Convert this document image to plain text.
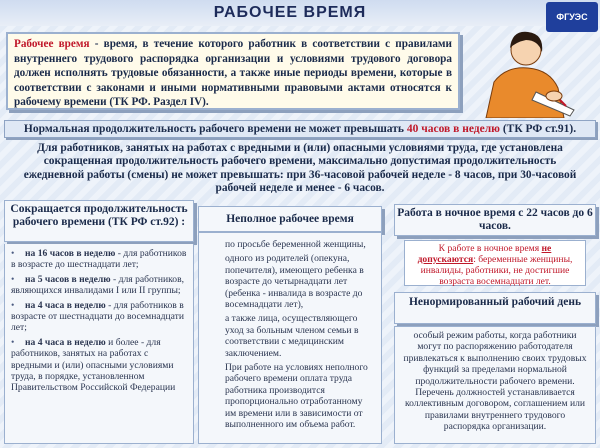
РАБОЧЕЕ ВРЕМЯ	ФГУЭС
Рабочее время - время, в течение которого работник в соответствии с правилами внутреннего трудового распорядка организации и условиями трудового договора должен исполнять трудовые обязанности, а также иные периоды времени, которые в соответствии с законами и иными нормативными правовыми актами относятся к рабочему времени (ТК РФ. Раздел IV).
Нормальная продолжительность рабочего времени не может превышать 40 часов в неделю (ТК РФ ст.91).
Для работников, занятых на работах с вредными и (или) опасными условиями труда, где установлена сокращенная продолжительность рабочего времени, максимально допустимая продолжительность ежедневной работы (смены) не может превышать: при 36-часовой рабочей неделе - 8 часов, при 30-часовой рабочей неделе и менее - 6 часов.
Сокращается продолжительность рабочего времени (ТК РФ ст.92) :
• на 16 часов в неделю - для работников в возрасте до шестнадцати лет;
• на 5 часов в неделю - для работников, являющихся инвалидами I или II группы;
• на 4 часа в неделю - для работников в возрасте от шестнадцати до восемнадцати лет;
• на 4 часа в неделю и более - для работников, занятых на работах с вредными и (или) опасными условиями труда, в порядке, установленном Правительством Российской Федерации
Неполное рабочее время
по просьбе беременной женщины,
одного из родителей (опекуна, попечителя), имеющего ребенка в возрасте до четырнадцати лет (ребенка - инвалида в возрасте до восемнадцати лет),
а также лица, осуществляющего уход за больным членом семьи в соответствии с медицинским заключением.
При работе на условиях неполного рабочего времени оплата труда работника производится пропорционально отработанному им времени или в зависимости от выполненного им объема работ.
Работа в ночное время с 22 часов до 6 часов.
К работе в ночное время не допускаются: беременные женщины, инвалиды, работники, не достигшие возраста восемнадцати лет.
Ненормированный рабочий день
особый режим работы, когда работники могут по распоряжению работодателя привлекаться к выполнению своих трудовых функций за пределами нормальной продолжительности рабочего времени. Перечень должностей устанавливается коллективным договором, соглашением или правилами внутреннего трудового распорядка организации.
